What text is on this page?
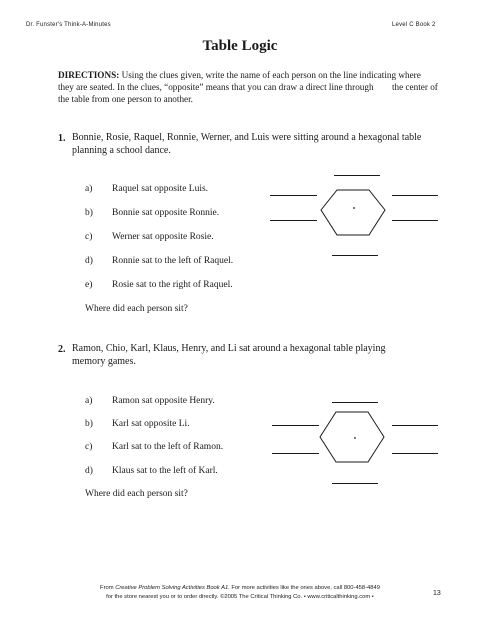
Dr. Funster's Think-A-Minutes	Level C Book 2
Table Logic
DIRECTIONS: Using the clues given, write the name of each person on the line indicating where they are seated. In the clues, “opposite” means that you can draw a direct line through        the center of the table from one person to another.
1. Bonnie, Rosie, Raquel, Ronnie, Werner, and Luis were sitting around a hexagonal table planning a school dance.
a) Raquel sat opposite Luis.
b) Bonnie sat opposite Ronnie.
c) Werner sat opposite Rosie.
d) Ronnie sat to the left of Raquel.
e) Rosie sat to the right of Raquel.
Where did each person sit?
2. Ramon, Chio, Karl, Klaus, Henry, and Li sat around a hexagonal table playing memory games.
a) Ramon sat opposite Henry.
b) Karl sat opposite Li.
c) Karl sat to the left of Ramon.
d) Klaus sat to the left of Karl.
Where did each person sit?
From Creative Problem Solving Activities Book A1. For more activities like the ones above, call 800-458-4849
for the store nearest you or to order directly. ©2005 The Critical Thinking Co. • www.criticalthinking.com •	13
